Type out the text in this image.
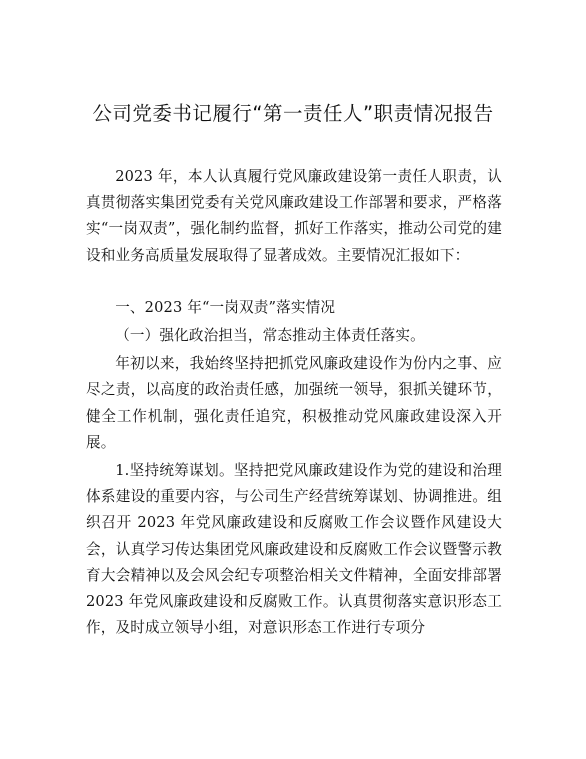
公司党委书记履行“第一责任人”职责情况报告

2023 年，本人认真履行党风廉政建设第一责任人职责，认真贯彻落实集团党委有关党风廉政建设工作部署和要求，严格落实“一岗双责”，强化制约监督，抓好工作落实，推动公司党的建设和业务高质量发展取得了显著成效。主要情况汇报如下：

一、2023 年“一岗双责”落实情况

（一）强化政治担当，常态推动主体责任落实。

年初以来，我始终坚持把抓党风廉政建设作为份内之事、应尽之责，以高度的政治责任感，加强统一领导，狠抓关键环节，健全工作机制，强化责任追究，积极推动党风廉政建设深入开展。

1.坚持统筹谋划。坚持把党风廉政建设作为党的建设和治理体系建设的重要内容，与公司生产经营统筹谋划、协调推进。组织召开 2023 年党风廉政建设和反腐败工作会议暨作风建设大会，认真学习传达集团党风廉政建设和反腐败工作会议暨警示教育大会精神以及会风会纪专项整治相关文件精神，全面安排部署 2023 年党风廉政建设和反腐败工作。认真贯彻落实意识形态工作，及时成立领导小组，对意识形态工作进行专项分
